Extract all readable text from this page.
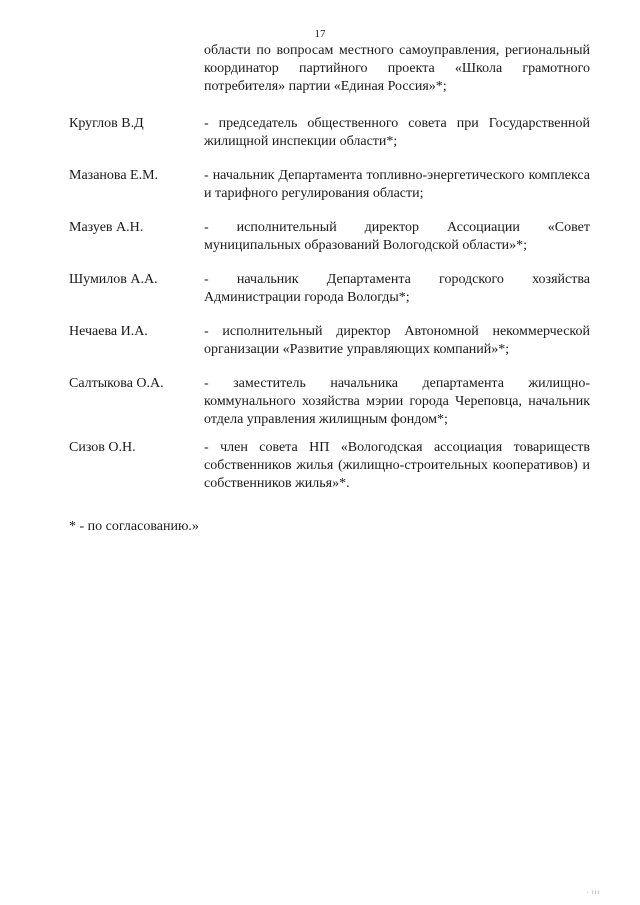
17
области по вопросам местного самоуправления, региональный координатор партийного проекта «Школа грамотного потребителя» партии «Единая Россия»*;
Круглов В.Д	- председатель общественного совета при Государственной жилищной инспекции области*;
Мазанова Е.М.	- начальник Департамента топливно-энергетического комплекса и тарифного регулирования области;
Мазуев А.Н.	- исполнительный директор Ассоциации «Совет муниципальных образований Вологодской области»*;
Шумилов А.А.	- начальник Департамента городского хозяйства Администрации города Вологды*;
Нечаева И.А.	- исполнительный директор Автономной некоммерческой организации «Развитие управляющих компаний»*;
Салтыкова О.А.	- заместитель начальника департамента жилищно-коммунального хозяйства мэрии города Череповца, начальник отдела управления жилищным фондом*;
Сизов О.Н.	- член совета НП «Вологодская ассоциация товариществ собственников жилья (жилищно-строительных кооперативов) и собственников жилья»*.
* - по согласованию.»
· ııı
